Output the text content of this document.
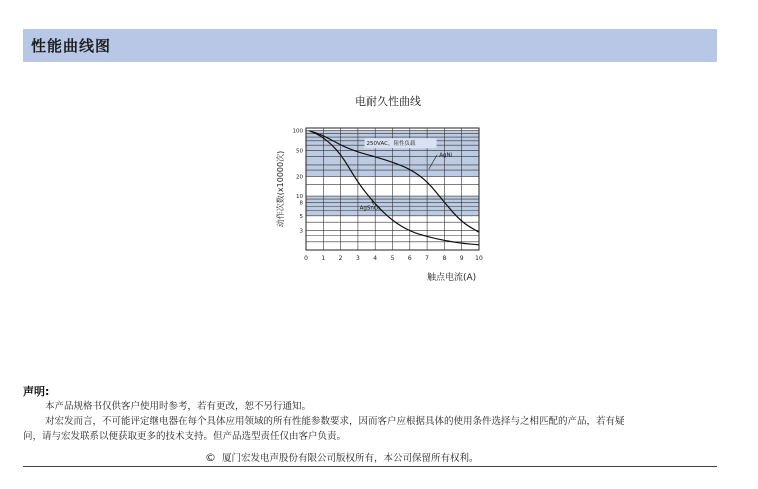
性能曲线图
电耐久性曲线
250VAC，阻性负载
AgNi
AgSnO₂
0 1 2 3 4 5 6 7 8 9 10
100
50
20
10
5
3
8
触点电流(A)
动作次数(x10000次)
声明:
本产品规格书仅供客户使用时参考，若有更改，恕不另行通知。
对宏发而言，不可能评定继电器在每个具体应用领域的所有性能参数要求，因而客户应根据具体的使用条件选择与之相匹配的产品，若有疑
问，请与宏发联系以便获取更多的技术支持。但产品选型责任仅由客户负责。
© 厦门宏发电声股份有限公司版权所有，本公司保留所有权利。
